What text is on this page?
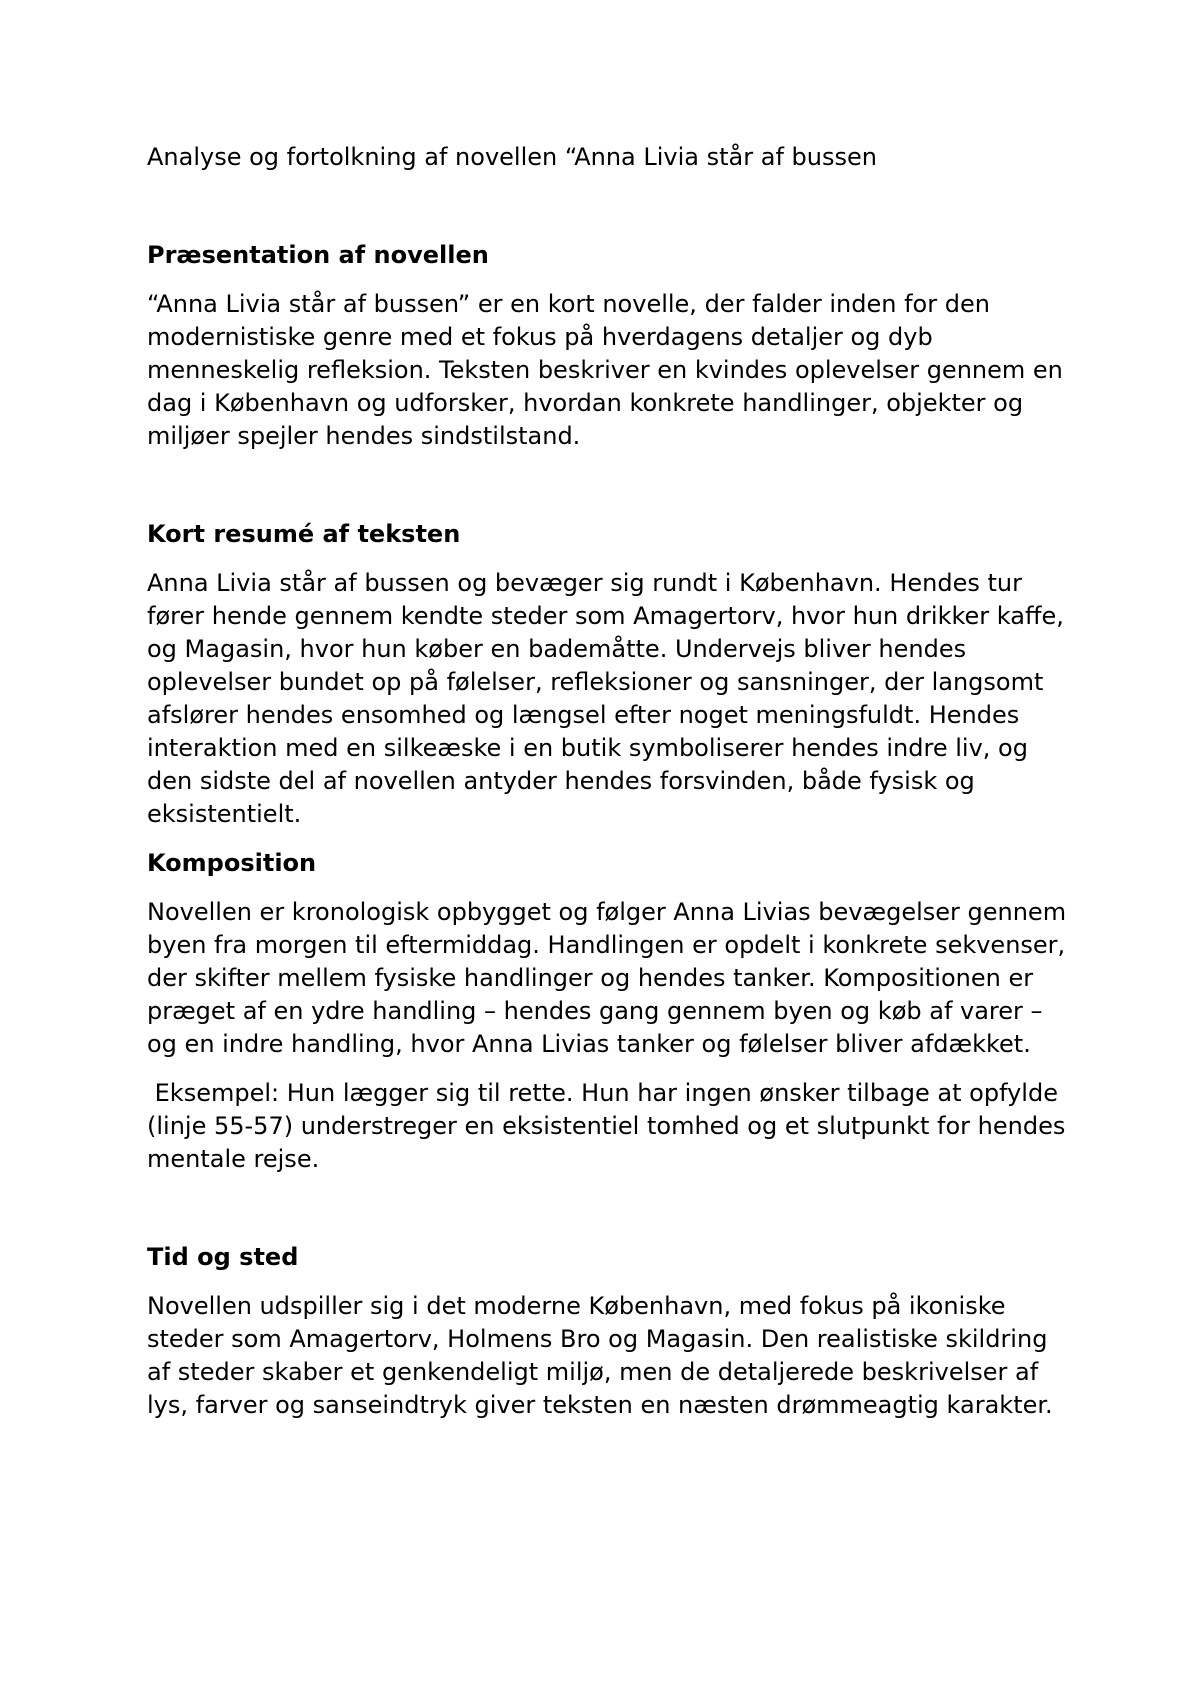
Analyse og fortolkning af novellen “Anna Livia står af bussen

Præsentation af novellen

“Anna Livia står af bussen” er en kort novelle, der falder inden for den modernistiske genre med et fokus på hverdagens detaljer og dyb menneskelig refleksion. Teksten beskriver en kvindes oplevelser gennem en dag i København og udforsker, hvordan konkrete handlinger, objekter og miljøer spejler hendes sindstilstand.

Kort resumé af teksten

Anna Livia står af bussen og bevæger sig rundt i København. Hendes tur fører hende gennem kendte steder som Amagertorv, hvor hun drikker kaffe, og Magasin, hvor hun køber en bademåtte. Undervejs bliver hendes oplevelser bundet op på følelser, refleksioner og sansninger, der langsomt afslører hendes ensomhed og længsel efter noget meningsfuldt. Hendes interaktion med en silkeæske i en butik symboliserer hendes indre liv, og den sidste del af novellen antyder hendes forsvinden, både fysisk og eksistentielt.

Komposition

Novellen er kronologisk opbygget og følger Anna Livias bevægelser gennem byen fra morgen til eftermiddag. Handlingen er opdelt i konkrete sekvenser, der skifter mellem fysiske handlinger og hendes tanker. Kompositionen er præget af en ydre handling – hendes gang gennem byen og køb af varer – og en indre handling, hvor Anna Livias tanker og følelser bliver afdækket.

Eksempel: Hun lægger sig til rette. Hun har ingen ønsker tilbage at opfylde (linje 55-57) understreger en eksistentiel tomhed og et slutpunkt for hendes mentale rejse.

Tid og sted

Novellen udspiller sig i det moderne København, med fokus på ikoniske steder som Amagertorv, Holmens Bro og Magasin. Den realistiske skildring af steder skaber et genkendeligt miljø, men de detaljerede beskrivelser af lys, farver og sanseindtryk giver teksten en næsten drømmeagtig karakter.
